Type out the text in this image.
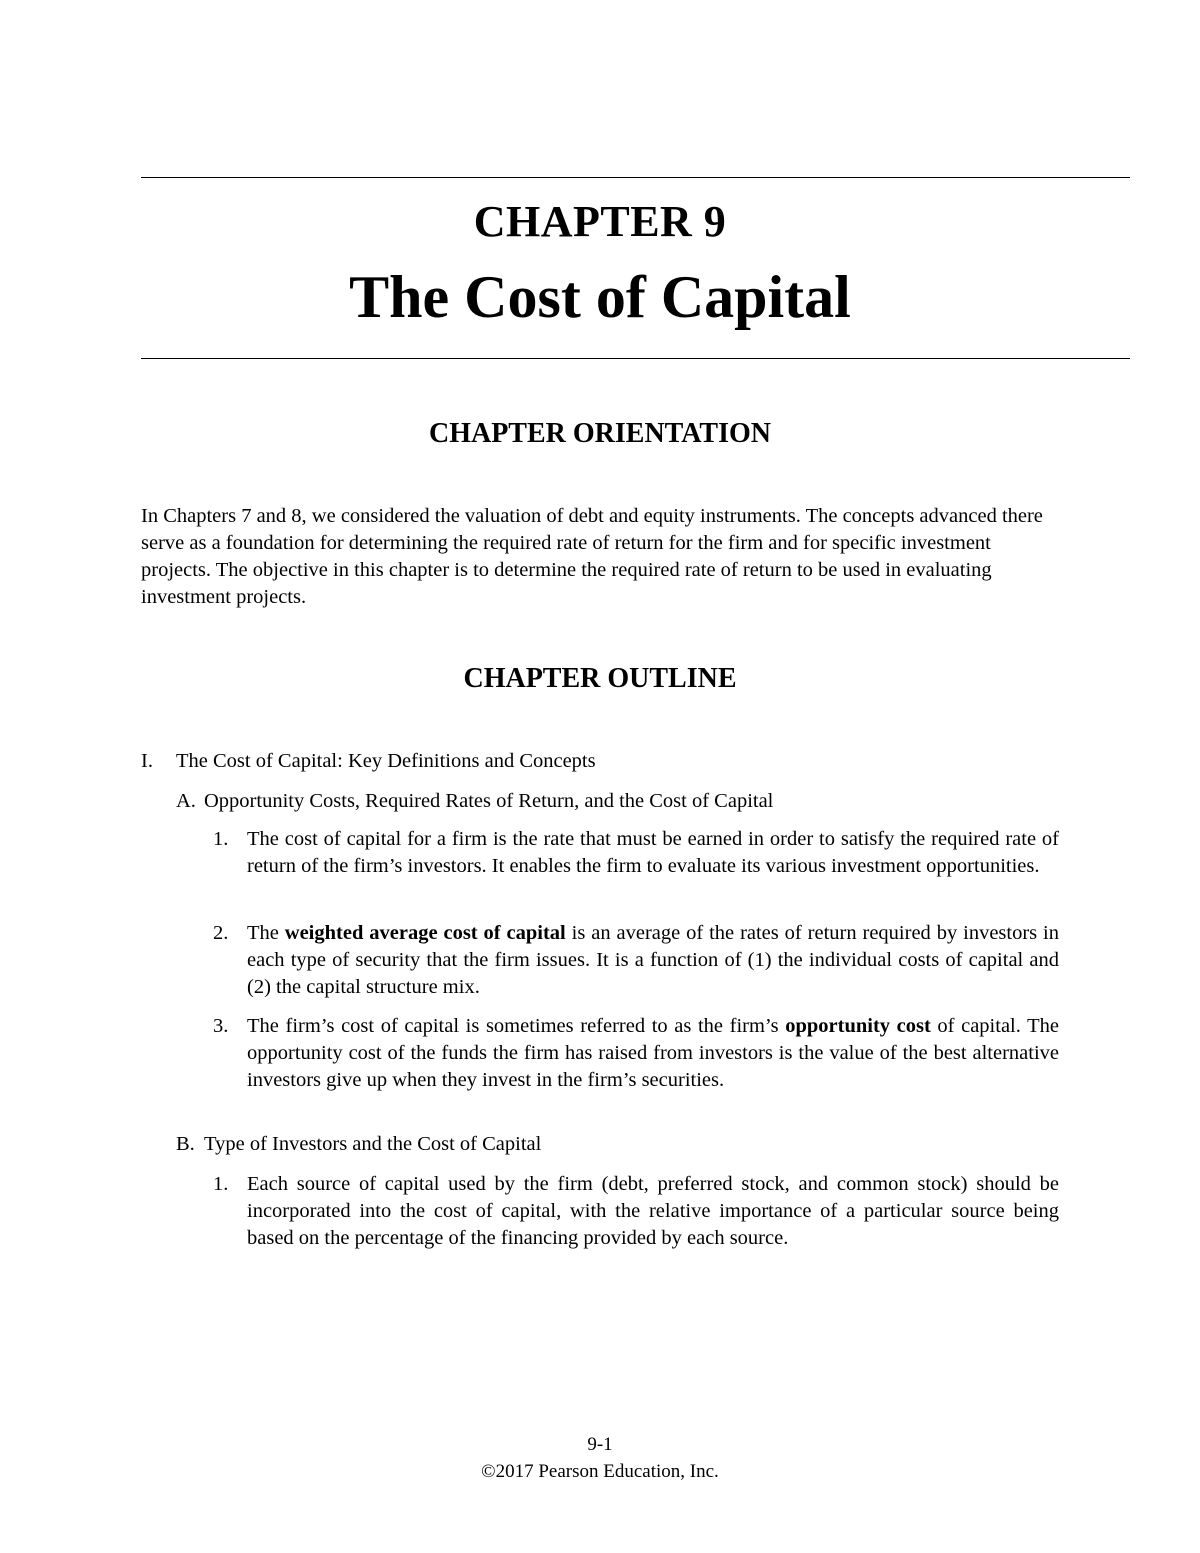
CHAPTER 9
The Cost of Capital
CHAPTER ORIENTATION
In Chapters 7 and 8, we considered the valuation of debt and equity instruments. The concepts advanced there serve as a foundation for determining the required rate of return for the firm and for specific investment projects. The objective in this chapter is to determine the required rate of return to be used in evaluating investment projects.
CHAPTER OUTLINE
I. The Cost of Capital: Key Definitions and Concepts
A. Opportunity Costs, Required Rates of Return, and the Cost of Capital
1. The cost of capital for a firm is the rate that must be earned in order to satisfy the required rate of return of the firm’s investors. It enables the firm to evaluate its various investment opportunities.
2. The weighted average cost of capital is an average of the rates of return required by investors in each type of security that the firm issues. It is a function of (1) the individual costs of capital and (2) the capital structure mix.
3. The firm’s cost of capital is sometimes referred to as the firm’s opportunity cost of capital. The opportunity cost of the funds the firm has raised from investors is the value of the best alternative investors give up when they invest in the firm’s securities.
B. Type of Investors and the Cost of Capital
1. Each source of capital used by the firm (debt, preferred stock, and common stock) should be incorporated into the cost of capital, with the relative importance of a particular source being based on the percentage of the financing provided by each source.
9-1
©2017 Pearson Education, Inc.
